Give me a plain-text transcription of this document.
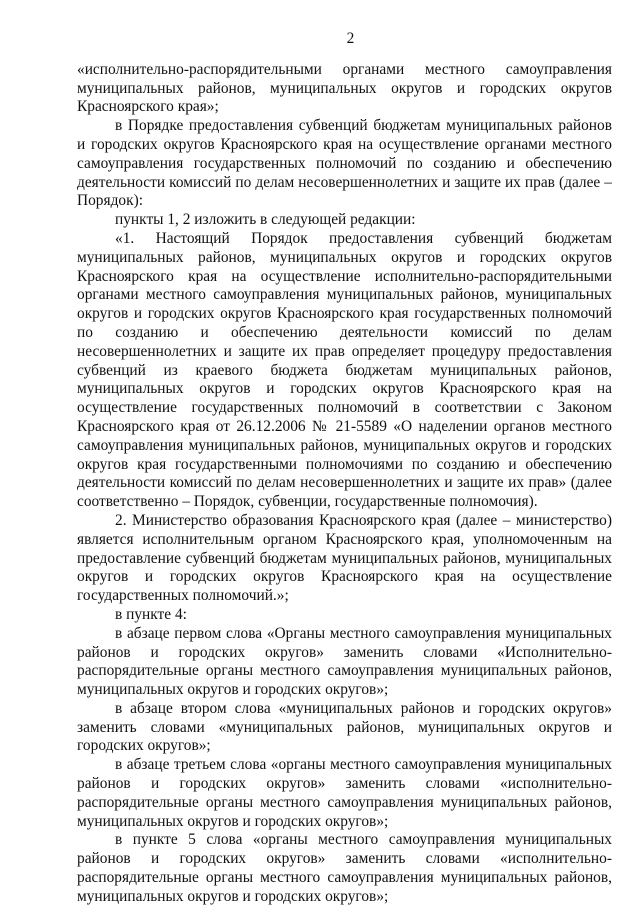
2

«исполнительно-распорядительными органами местного самоуправления муниципальных районов, муниципальных округов и городских округов Красноярского края»;

в Порядке предоставления субвенций бюджетам муниципальных районов и городских округов Красноярского края на осуществление органами местного самоуправления государственных полномочий по созданию и обеспечению деятельности комиссий по делам несовершеннолетних и защите их прав (далее – Порядок):

пункты 1, 2 изложить в следующей редакции:

«1. Настоящий Порядок предоставления субвенций бюджетам муниципальных районов, муниципальных округов и городских округов Красноярского края на осуществление исполнительно-распорядительными органами местного самоуправления муниципальных районов, муниципальных округов и городских округов Красноярского края государственных полномочий по созданию и обеспечению деятельности комиссий по делам несовершеннолетних и защите их прав определяет процедуру предоставления субвенций из краевого бюджета бюджетам муниципальных районов, муниципальных округов и городских округов Красноярского края на осуществление государственных полномочий в соответствии с Законом Красноярского края от 26.12.2006 № 21-5589 «О наделении органов местного самоуправления муниципальных районов, муниципальных округов и городских округов края государственными полномочиями по созданию и обеспечению деятельности комиссий по делам несовершеннолетних и защите их прав» (далее соответственно – Порядок, субвенции, государственные полномочия).

2. Министерство образования Красноярского края (далее – министерство) является исполнительным органом Красноярского края, уполномоченным на предоставление субвенций бюджетам муниципальных районов, муниципальных округов и городских округов Красноярского края на осуществление государственных полномочий.»;

в пункте 4:

в абзаце первом слова «Органы местного самоуправления муниципальных районов и городских округов» заменить словами «Исполнительно-распорядительные органы местного самоуправления муниципальных районов, муниципальных округов и городских округов»;

в абзаце втором слова «муниципальных районов и городских округов» заменить словами «муниципальных районов, муниципальных округов и городских округов»;

в абзаце третьем слова «органы местного самоуправления муниципальных районов и городских округов» заменить словами «исполнительно-распорядительные органы местного самоуправления муниципальных районов, муниципальных округов и городских округов»;

в пункте 5 слова «органы местного самоуправления муниципальных районов и городских округов» заменить словами «исполнительно-распорядительные органы местного самоуправления муниципальных районов, муниципальных округов и городских округов»;
